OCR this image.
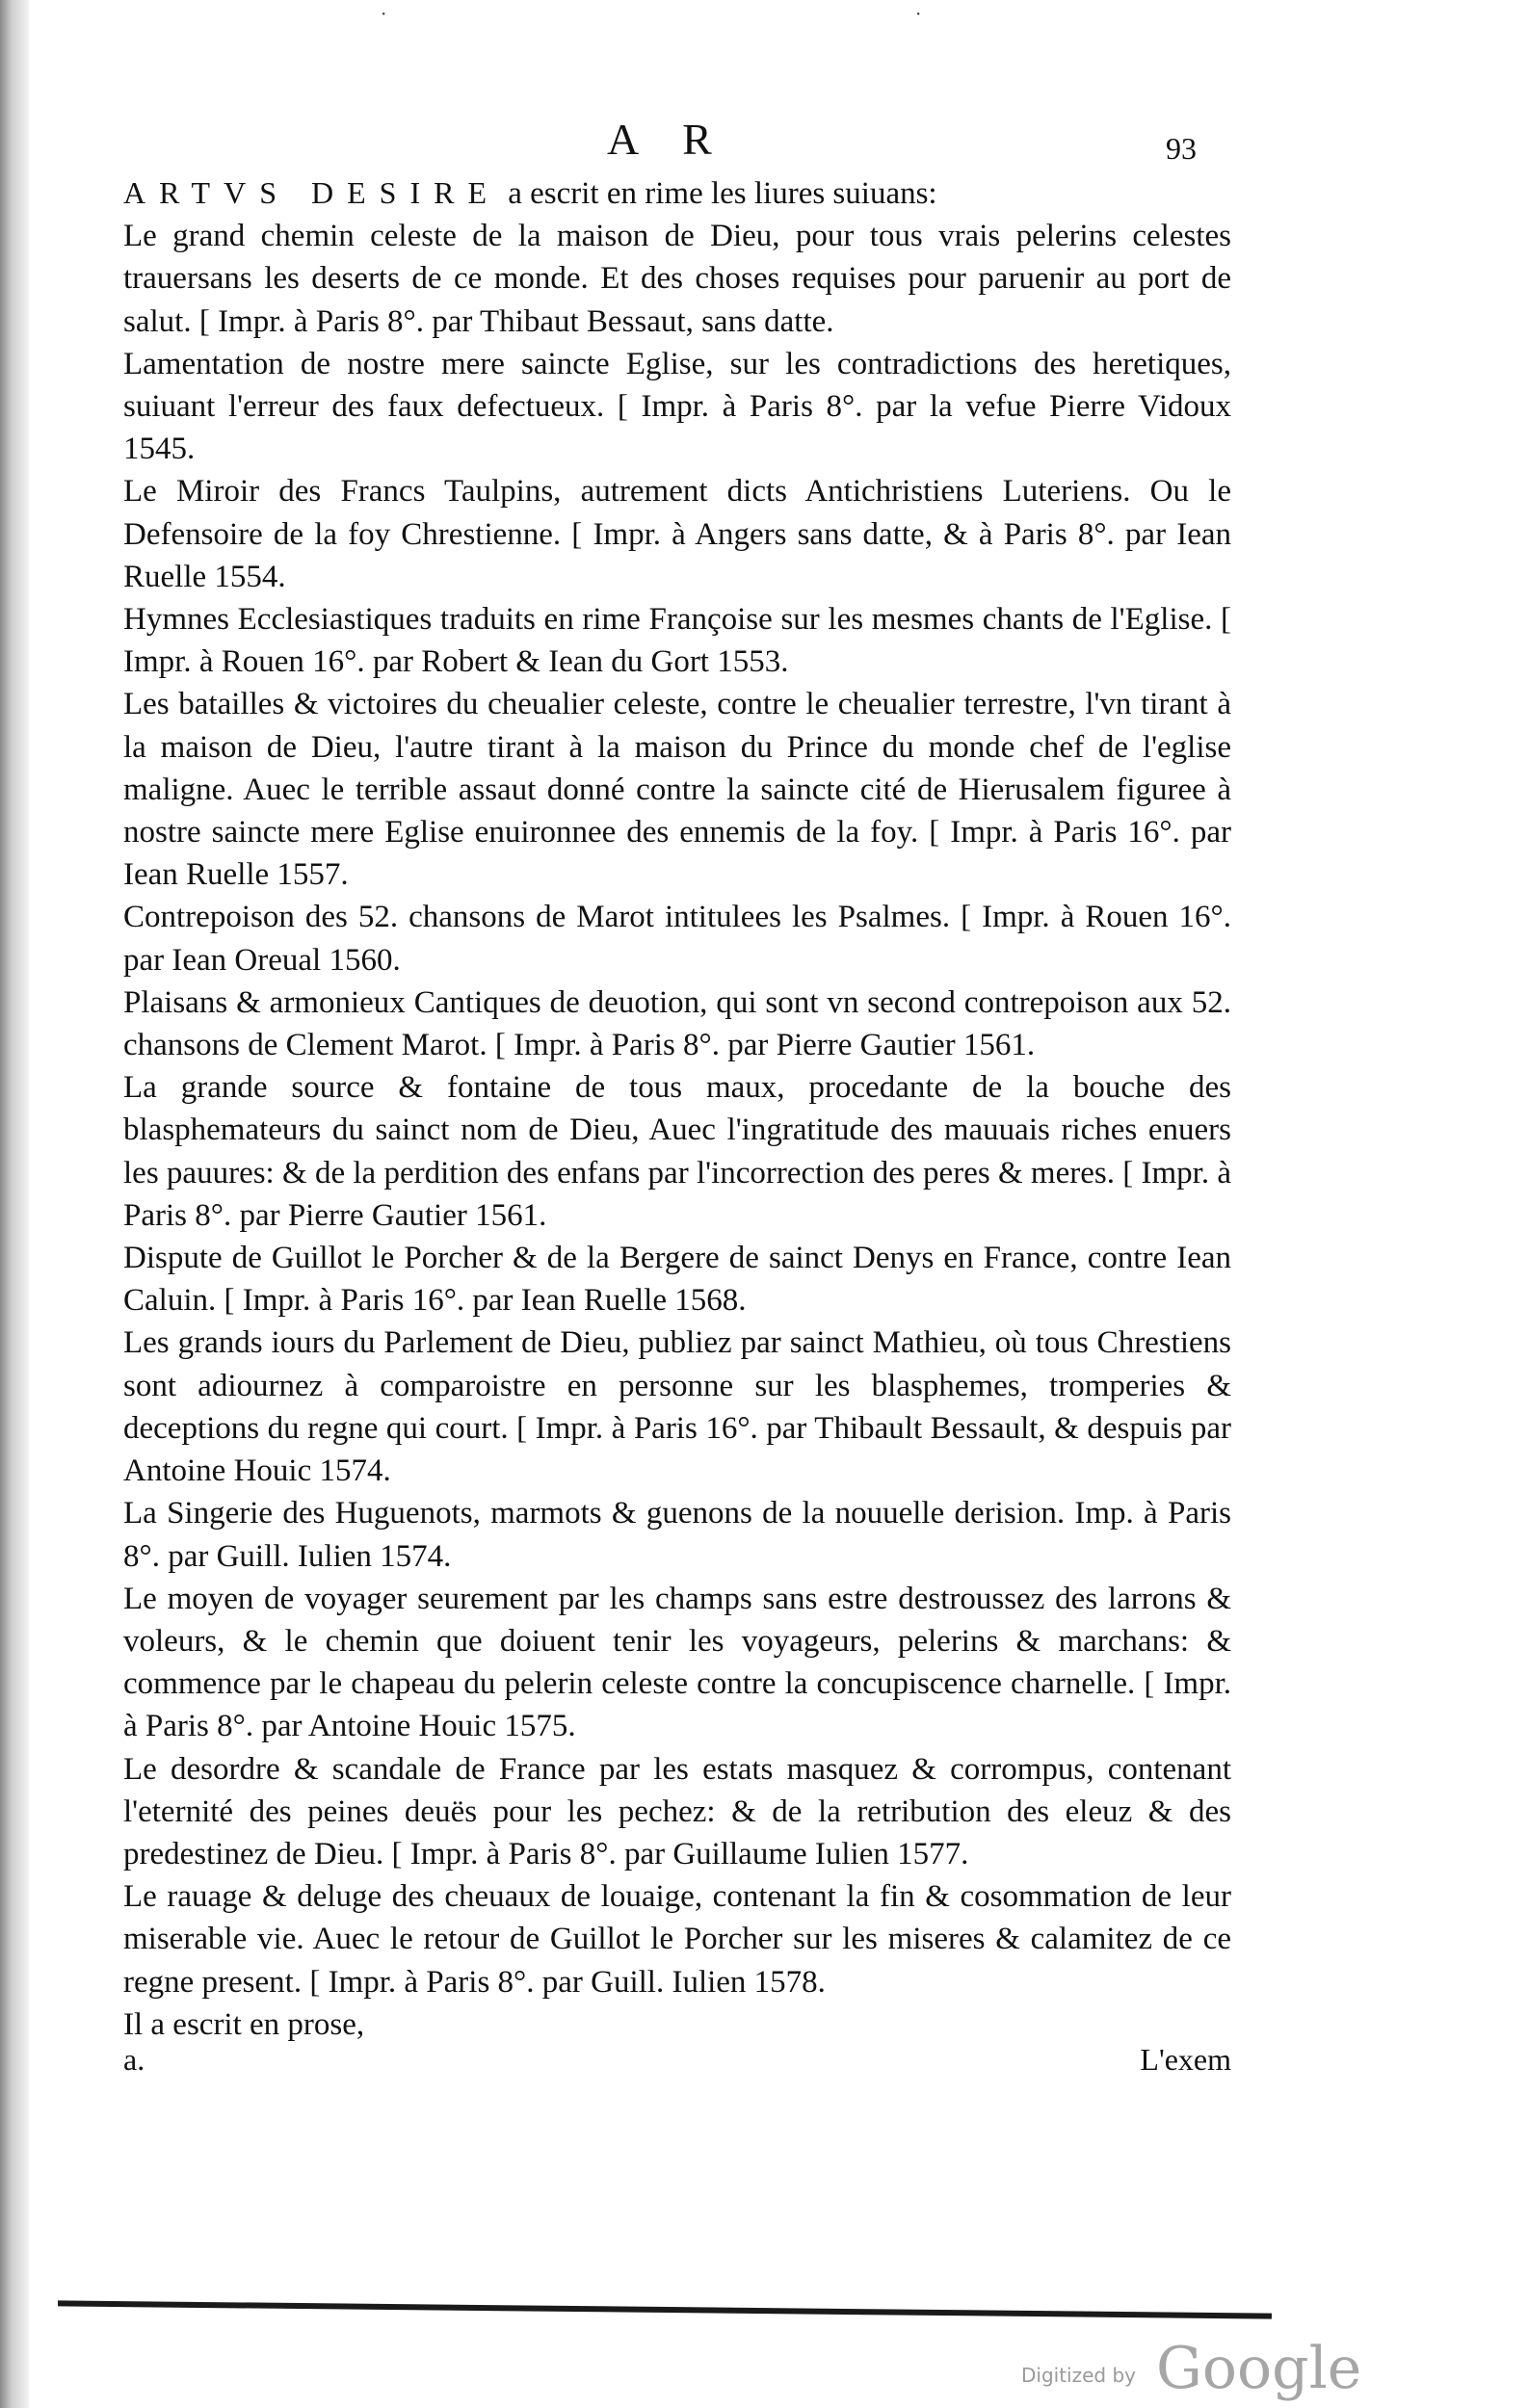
·	·
A R	93

ARTVS DESIRE a escrit en rime les liures suiuans:

Le grand chemin celeste de la maison de Dieu, pour tous vrais pelerins celestes trauersans les deserts de ce monde. Et des choses requises pour paruenir au port de salut. [ Impr. à Paris 8°. par Thibaut Bessaut, sans datte.

Lamentation de nostre mere saincte Eglise, sur les contradictions des heretiques, suiuant l'erreur des faux defectueux. [ Impr. à Paris 8°. par la vefue Pierre Vidoux 1545.

Le Miroir des Francs Taulpins, autrement dicts Antichristiens Luteriens. Ou le Defensoire de la foy Chrestienne. [ Impr. à Angers sans datte, & à Paris 8°. par Iean Ruelle 1554.

Hymnes Ecclesiastiques traduits en rime Françoise sur les mesmes chants de l'Eglise. [ Impr. à Rouen 16°. par Robert & Iean du Gort 1553.

Les batailles & victoires du cheualier celeste, contre le cheualier terrestre, l'vn tirant à la maison de Dieu, l'autre tirant à la maison du Prince du monde chef de l'eglise maligne. Auec le terrible assaut donné contre la saincte cité de Hierusalem figuree à nostre saincte mere Eglise enuironnee des ennemis de la foy. [ Impr. à Paris 16°. par Iean Ruelle 1557.

Contrepoison des 52. chansons de Marot intitulees les Psalmes. [ Impr. à Rouen 16°. par Iean Oreual 1560.

Plaisans & armonieux Cantiques de deuotion, qui sont vn second contrepoison aux 52. chansons de Clement Marot. [ Impr. à Paris 8°. par Pierre Gautier 1561.

La grande source & fontaine de tous maux, procedante de la bouche des blasphemateurs du sainct nom de Dieu, Auec l'ingratitude des mauuais riches enuers les pauures: & de la perdition des enfans par l'incorrection des peres & meres. [ Impr. à Paris 8°. par Pierre Gautier 1561.

Dispute de Guillot le Porcher & de la Bergere de sainct Denys en France, contre Iean Caluin. [ Impr. à Paris 16°. par Iean Ruelle 1568.

Les grands iours du Parlement de Dieu, publiez par sainct Mathieu, où tous Chrestiens sont adiournez à comparoistre en personne sur les blasphemes, tromperies & deceptions du regne qui court. [ Impr. à Paris 16°. par Thibault Bessault, & despuis par Antoine Houic 1574.

La Singerie des Huguenots, marmots & guenons de la nouuelle derision. Imp. à Paris 8°. par Guill. Iulien 1574.

Le moyen de voyager seurement par les champs sans estre destroussez des larrons & voleurs, & le chemin que doiuent tenir les voyageurs, pelerins & marchans: & commence par le chapeau du pelerin celeste contre la concupiscence charnelle. [ Impr. à Paris 8°. par Antoine Houic 1575.

Le desordre & scandale de France par les estats masquez & corrompus, contenant l'eternité des peines deuës pour les pechez: & de la retribution des eleuz & des predestinez de Dieu. [ Impr. à Paris 8°. par Guillaume Iulien 1577.

Le rauage & deluge des cheuaux de louaige, contenant la fin & cosommation de leur miserable vie. Auec le retour de Guillot le Porcher sur les miseres & calamitez de ce regne present. [ Impr. à Paris 8°. par Guill. Iulien 1578.

Il a escrit en prose,

a.	L'exem
Digitized by Google
